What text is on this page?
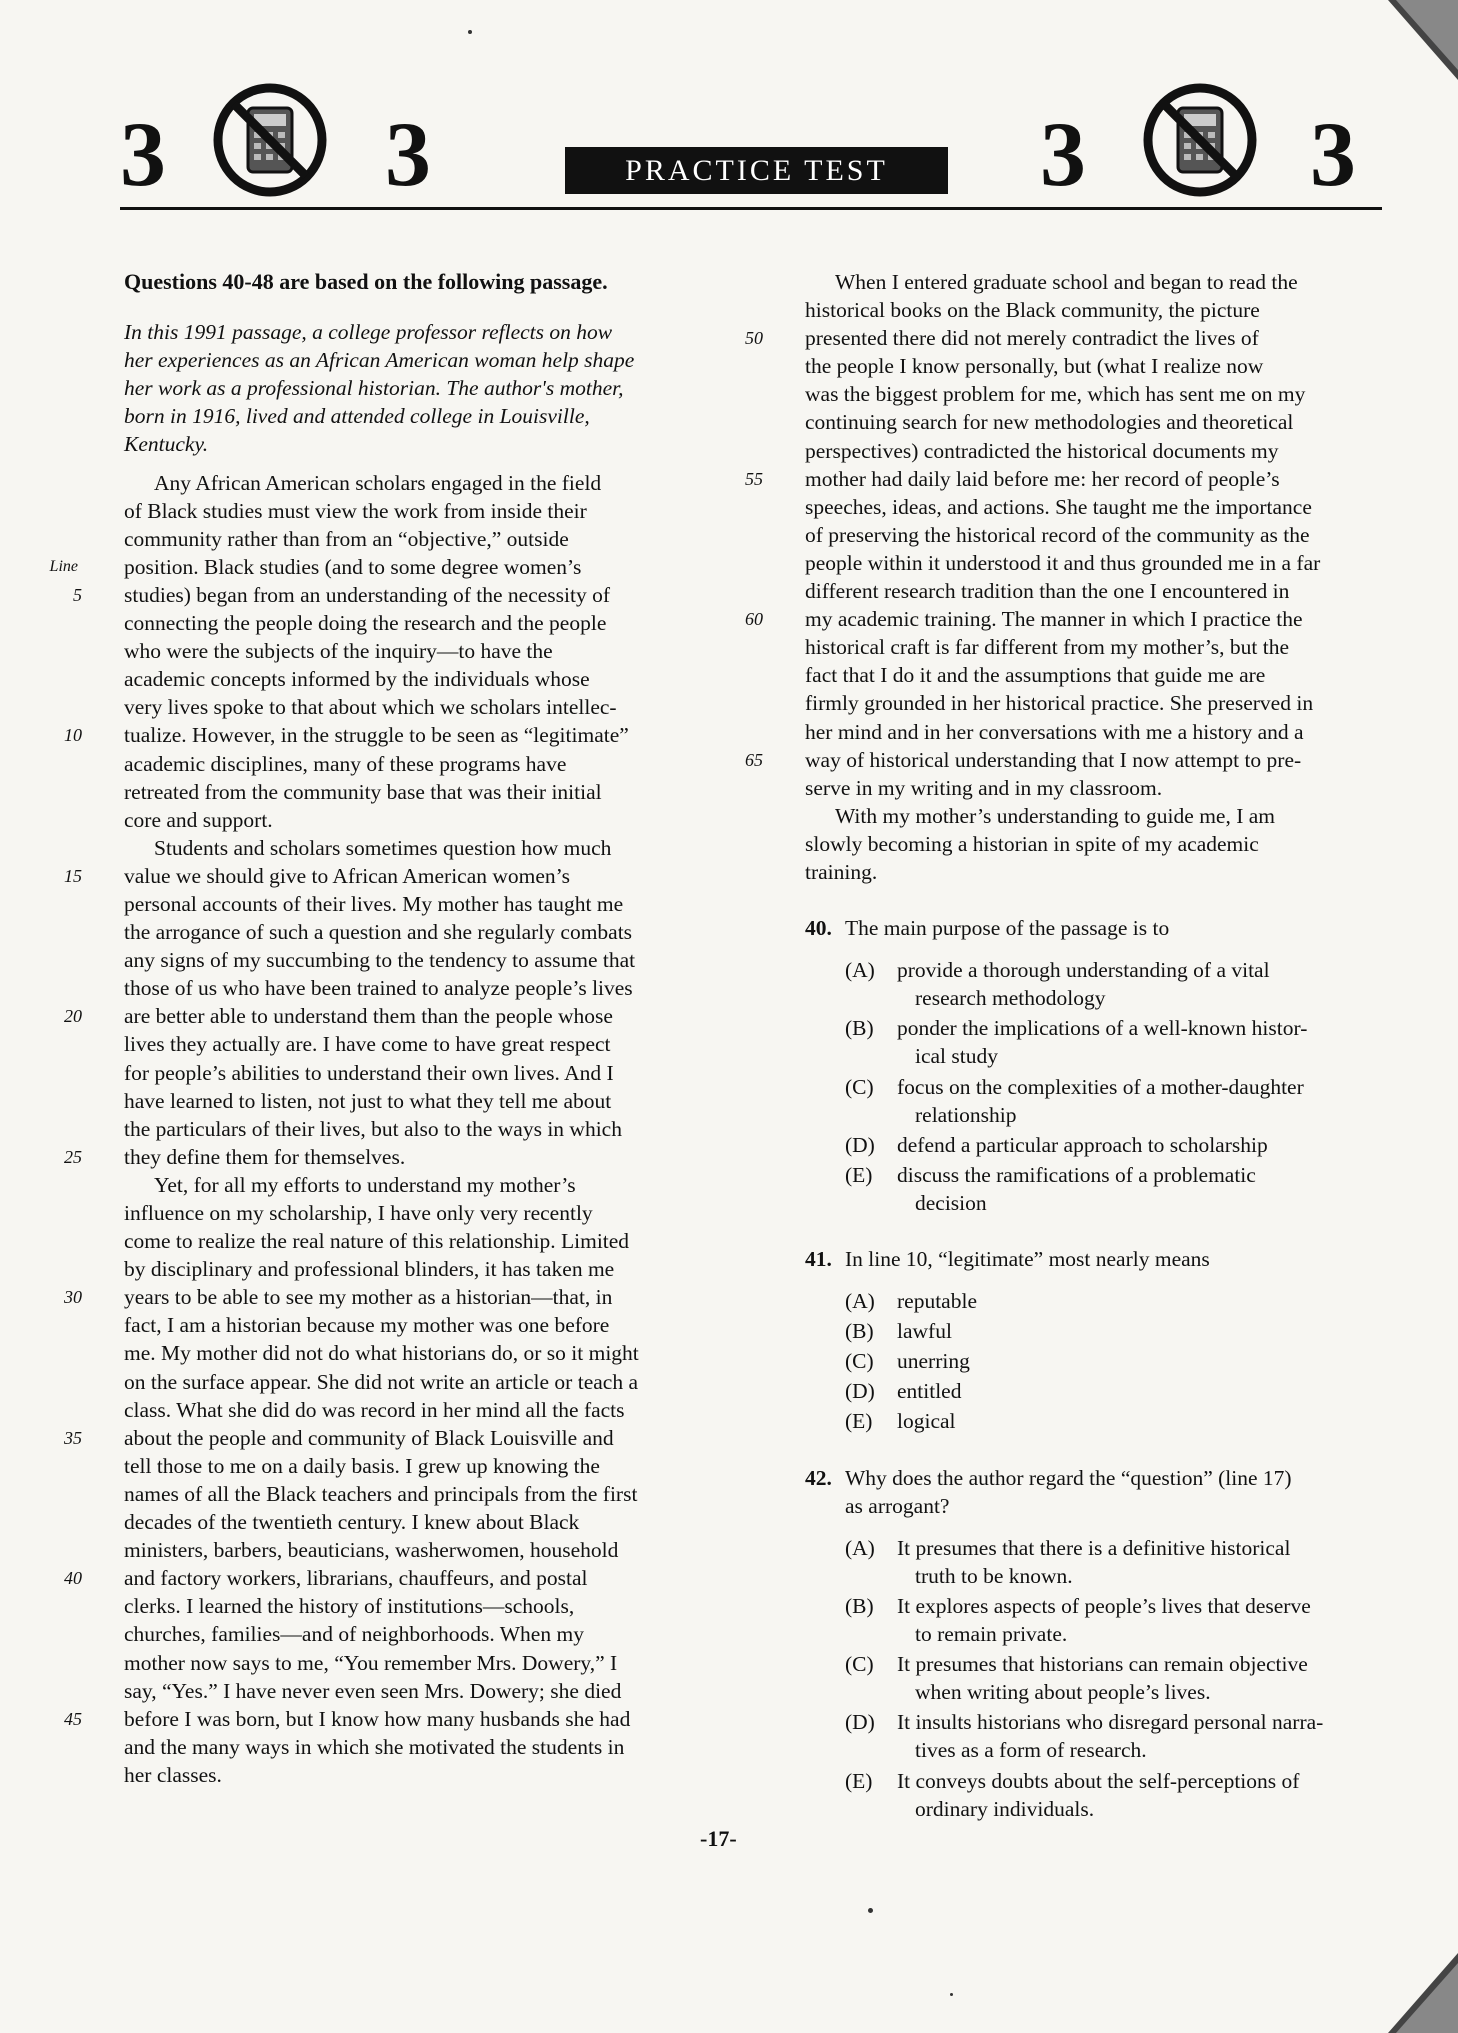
3 3	PRACTICE TEST	3 3
Questions 40-48 are based on the following passage.
In this 1991 passage, a college professor reflects on how
her experiences as an African American woman help shape
her work as a professional historian. The author's mother,
born in 1916, lived and attended college in Louisville,
Kentucky.
Any African American scholars engaged in the field
of Black studies must view the work from inside their
community rather than from an “objective,” outside
Line position. Black studies (and to some degree women’s
5 studies) began from an understanding of the necessity of
connecting the people doing the research and the people
who were the subjects of the inquiry—to have the
academic concepts informed by the individuals whose
very lives spoke to that about which we scholars intellec-
10 tualize. However, in the struggle to be seen as “legitimate”
academic disciplines, many of these programs have
retreated from the community base that was their initial
core and support.
Students and scholars sometimes question how much
15 value we should give to African American women’s
personal accounts of their lives. My mother has taught me
the arrogance of such a question and she regularly combats
any signs of my succumbing to the tendency to assume that
those of us who have been trained to analyze people’s lives
20 are better able to understand them than the people whose
lives they actually are. I have come to have great respect
for people’s abilities to understand their own lives. And I
have learned to listen, not just to what they tell me about
the particulars of their lives, but also to the ways in which
25 they define them for themselves.
Yet, for all my efforts to understand my mother’s
influence on my scholarship, I have only very recently
come to realize the real nature of this relationship. Limited
by disciplinary and professional blinders, it has taken me
30 years to be able to see my mother as a historian—that, in
fact, I am a historian because my mother was one before
me. My mother did not do what historians do, or so it might
on the surface appear. She did not write an article or teach a
class. What she did do was record in her mind all the facts
35 about the people and community of Black Louisville and
tell those to me on a daily basis. I grew up knowing the
names of all the Black teachers and principals from the first
decades of the twentieth century. I knew about Black
ministers, barbers, beauticians, washerwomen, household
40 and factory workers, librarians, chauffeurs, and postal
clerks. I learned the history of institutions—schools,
churches, families—and of neighborhoods. When my
mother now says to me, “You remember Mrs. Dowery,” I
say, “Yes.” I have never even seen Mrs. Dowery; she died
45 before I was born, but I know how many husbands she had
and the many ways in which she motivated the students in
her classes.
When I entered graduate school and began to read the
historical books on the Black community, the picture
50 presented there did not merely contradict the lives of
the people I know personally, but (what I realize now
was the biggest problem for me, which has sent me on my
continuing search for new methodologies and theoretical
perspectives) contradicted the historical documents my
55 mother had daily laid before me: her record of people’s
speeches, ideas, and actions. She taught me the importance
of preserving the historical record of the community as the
people within it understood it and thus grounded me in a far
different research tradition than the one I encountered in
60 my academic training. The manner in which I practice the
historical craft is far different from my mother’s, but the
fact that I do it and the assumptions that guide me are
firmly grounded in her historical practice. She preserved in
her mind and in her conversations with me a history and a
65 way of historical understanding that I now attempt to pre-
serve in my writing and in my classroom.
With my mother’s understanding to guide me, I am
slowly becoming a historian in spite of my academic
training.
40. The main purpose of the passage is to
(A) provide a thorough understanding of a vital
research methodology
(B) ponder the implications of a well-known histor-
ical study
(C) focus on the complexities of a mother-daughter
relationship
(D) defend a particular approach to scholarship
(E) discuss the ramifications of a problematic
decision
41. In line 10, “legitimate” most nearly means
(A) reputable
(B) lawful
(C) unerring
(D) entitled
(E) logical
42. Why does the author regard the “question” (line 17)
as arrogant?
(A) It presumes that there is a definitive historical
truth to be known.
(B) It explores aspects of people’s lives that deserve
to remain private.
(C) It presumes that historians can remain objective
when writing about people’s lives.
(D) It insults historians who disregard personal narra-
tives as a form of research.
(E) It conveys doubts about the self-perceptions of
ordinary individuals.
-17-
